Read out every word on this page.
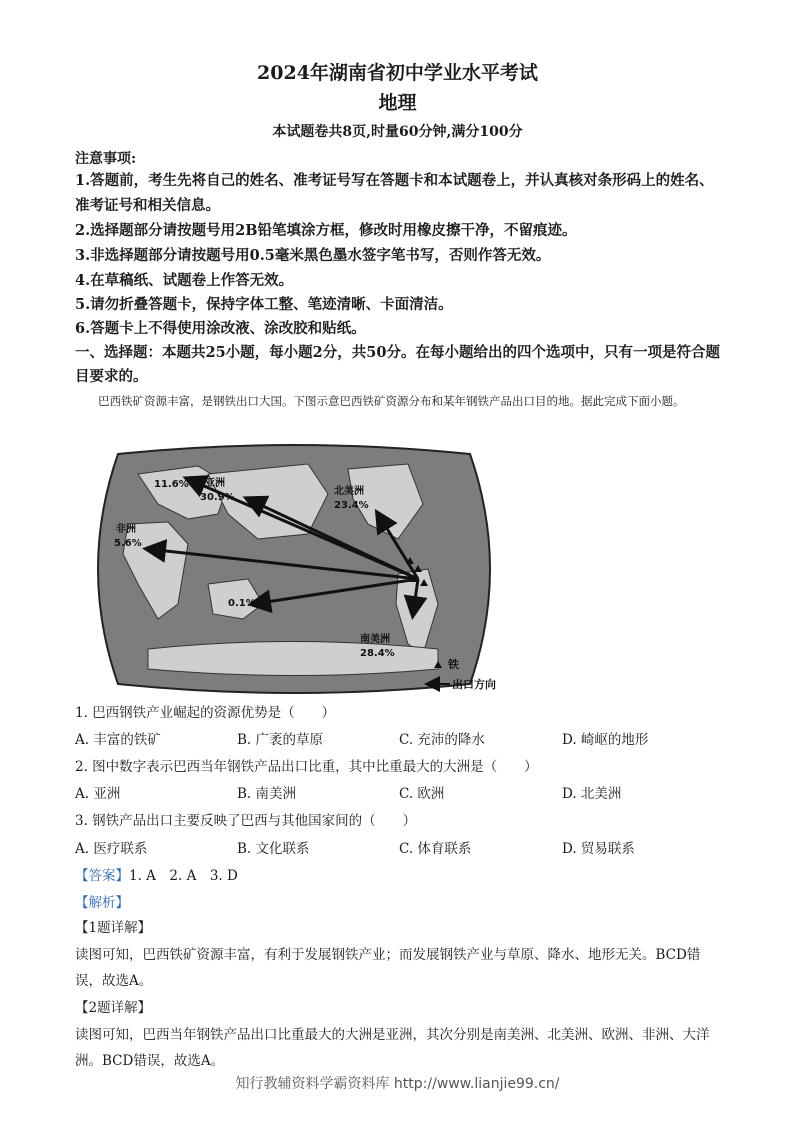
2024年湖南省初中学业水平考试
地理
本试题卷共8页,时量60分钟,满分100分
注意事项:
1.答题前，考生先将自己的姓名、准考证号写在答题卡和本试题卷上，并认真核对条形码上的姓名、准考证号和相关信息。
2.选择题部分请按题号用2B铅笔填涂方框，修改时用橡皮擦干净，不留痕迹。
3.非选择题部分请按题号用0.5毫米黑色墨水签字笔书写，否则作答无效。
4.在草稿纸、试题卷上作答无效。
5.请勿折叠答题卡，保持字体工整、笔迹清晰、卡面清洁。
6.答题卡上不得使用涂改液、涂改胶和贴纸。
一、选择题：本题共25小题，每小题2分，共50分。在每小题给出的四个选项中，只有一项是符合题目要求的。
巴西铁矿资源丰富，是钢铁出口大国。下图示意巴西铁矿资源分布和某年钢铁产品出口目的地。据此完成下面小题。
11.6% 亚洲
30.9%
北美洲
23.4%
非洲
5.6%
0.1%
南美洲
28.4%
铁
出口方向
1. 巴西钢铁产业崛起的资源优势是（　　）
A. 丰富的铁矿	B. 广袤的草原	C. 充沛的降水	D. 崎岖的地形
2. 图中数字表示巴西当年钢铁产品出口比重，其中比重最大的大洲是（　　）
A. 亚洲	B. 南美洲	C. 欧洲	D. 北美洲
3. 钢铁产品出口主要反映了巴西与其他国家间的（　　）
A. 医疗联系	B. 文化联系	C. 体育联系	D. 贸易联系
【答案】1. A　2. A　3. D
【解析】
【1题详解】
读图可知，巴西铁矿资源丰富，有利于发展钢铁产业；而发展钢铁产业与草原、降水、地形无关。BCD错误，故选A。
【2题详解】
读图可知，巴西当年钢铁产品出口比重最大的大洲是亚洲，其次分别是南美洲、北美洲、欧洲、非洲、大洋洲。BCD错误，故选A。
知行教辅资料学霸资料库 http://www.lianjie99.cn/
